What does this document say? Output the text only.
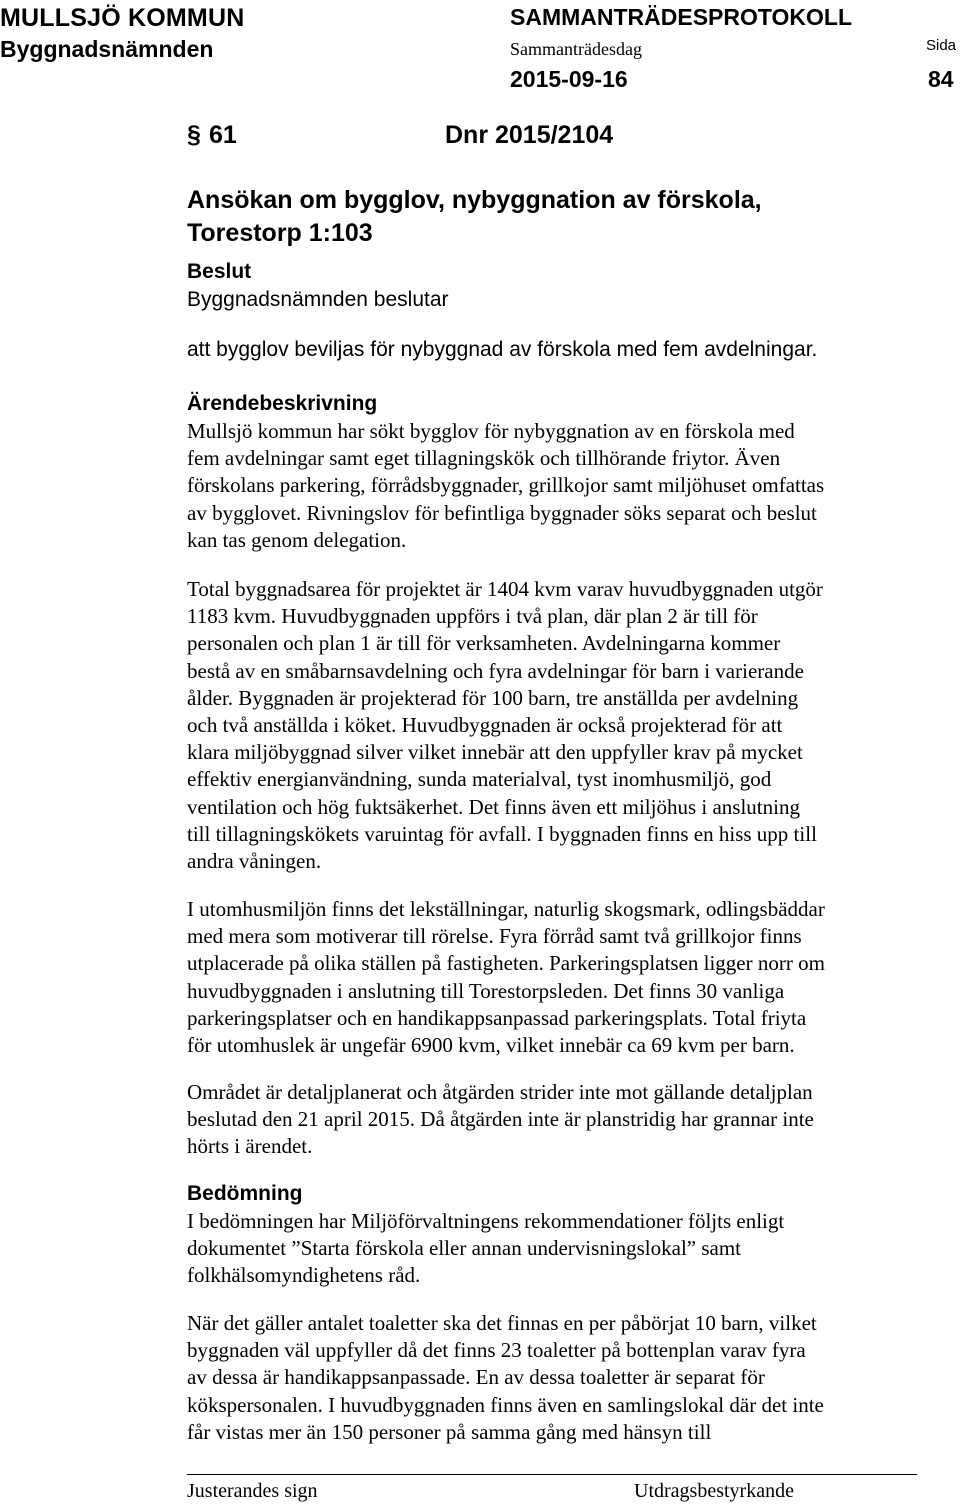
MULLSJÖ KOMMUN
Byggnadsnämnden
SAMMANTRÄDESPROTOKOLL
Sammanträdesdag
2015-09-16
Sida
84
§ 61	Dnr 2015/2104
Ansökan om bygglov, nybyggnation av förskola,
Torestorp 1:103
Beslut
Byggnadsnämnden beslutar
att bygglov beviljas för nybyggnad av förskola med fem avdelningar.
Ärendebeskrivning
Mullsjö kommun har sökt bygglov för nybyggnation av en förskola med
fem avdelningar samt eget tillagningskök och tillhörande friytor. Även
förskolans parkering, förrådsbyggnader, grillkojor samt miljöhuset omfattas
av bygglovet. Rivningslov för befintliga byggnader söks separat och beslut
kan tas genom delegation.
Total byggnadsarea för projektet är 1404 kvm varav huvudbyggnaden utgör
1183 kvm. Huvudbyggnaden uppförs i två plan, där plan 2 är till för
personalen och plan 1 är till för verksamheten. Avdelningarna kommer
bestå av en småbarnsavdelning och fyra avdelningar för barn i varierande
ålder. Byggnaden är projekterad för 100 barn, tre anställda per avdelning
och två anställda i köket. Huvudbyggnaden är också projekterad för att
klara miljöbyggnad silver vilket innebär att den uppfyller krav på mycket
effektiv energianvändning, sunda materialval, tyst inomhusmiljö, god
ventilation och hög fuktsäkerhet. Det finns även ett miljöhus i anslutning
till tillagningskökets varuintag för avfall. I byggnaden finns en hiss upp till
andra våningen.
I utomhusmiljön finns det lekställningar, naturlig skogsmark, odlingsbäddar
med mera som motiverar till rörelse. Fyra förråd samt två grillkojor finns
utplacerade på olika ställen på fastigheten. Parkeringsplatsen ligger norr om
huvudbyggnaden i anslutning till Torestorpsleden. Det finns 30 vanliga
parkeringsplatser och en handikappsanpassad parkeringsplats. Total friyta
för utomhuslek är ungefär 6900 kvm, vilket innebär ca 69 kvm per barn.
Området är detaljplanerat och åtgärden strider inte mot gällande detaljplan
beslutad den 21 april 2015. Då åtgärden inte är planstridig har grannar inte
hörts i ärendet.
Bedömning
I bedömningen har Miljöförvaltningens rekommendationer följts enligt
dokumentet ”Starta förskola eller annan undervisningslokal” samt
folkhälsomyndighetens råd.
När det gäller antalet toaletter ska det finnas en per påbörjat 10 barn, vilket
byggnaden väl uppfyller då det finns 23 toaletter på bottenplan varav fyra
av dessa är handikappsanpassade. En av dessa toaletter är separat för
kökspersonalen. I huvudbyggnaden finns även en samlingslokal där det inte
får vistas mer än 150 personer på samma gång med hänsyn till
Justerandes sign	Utdragsbestyrkande
